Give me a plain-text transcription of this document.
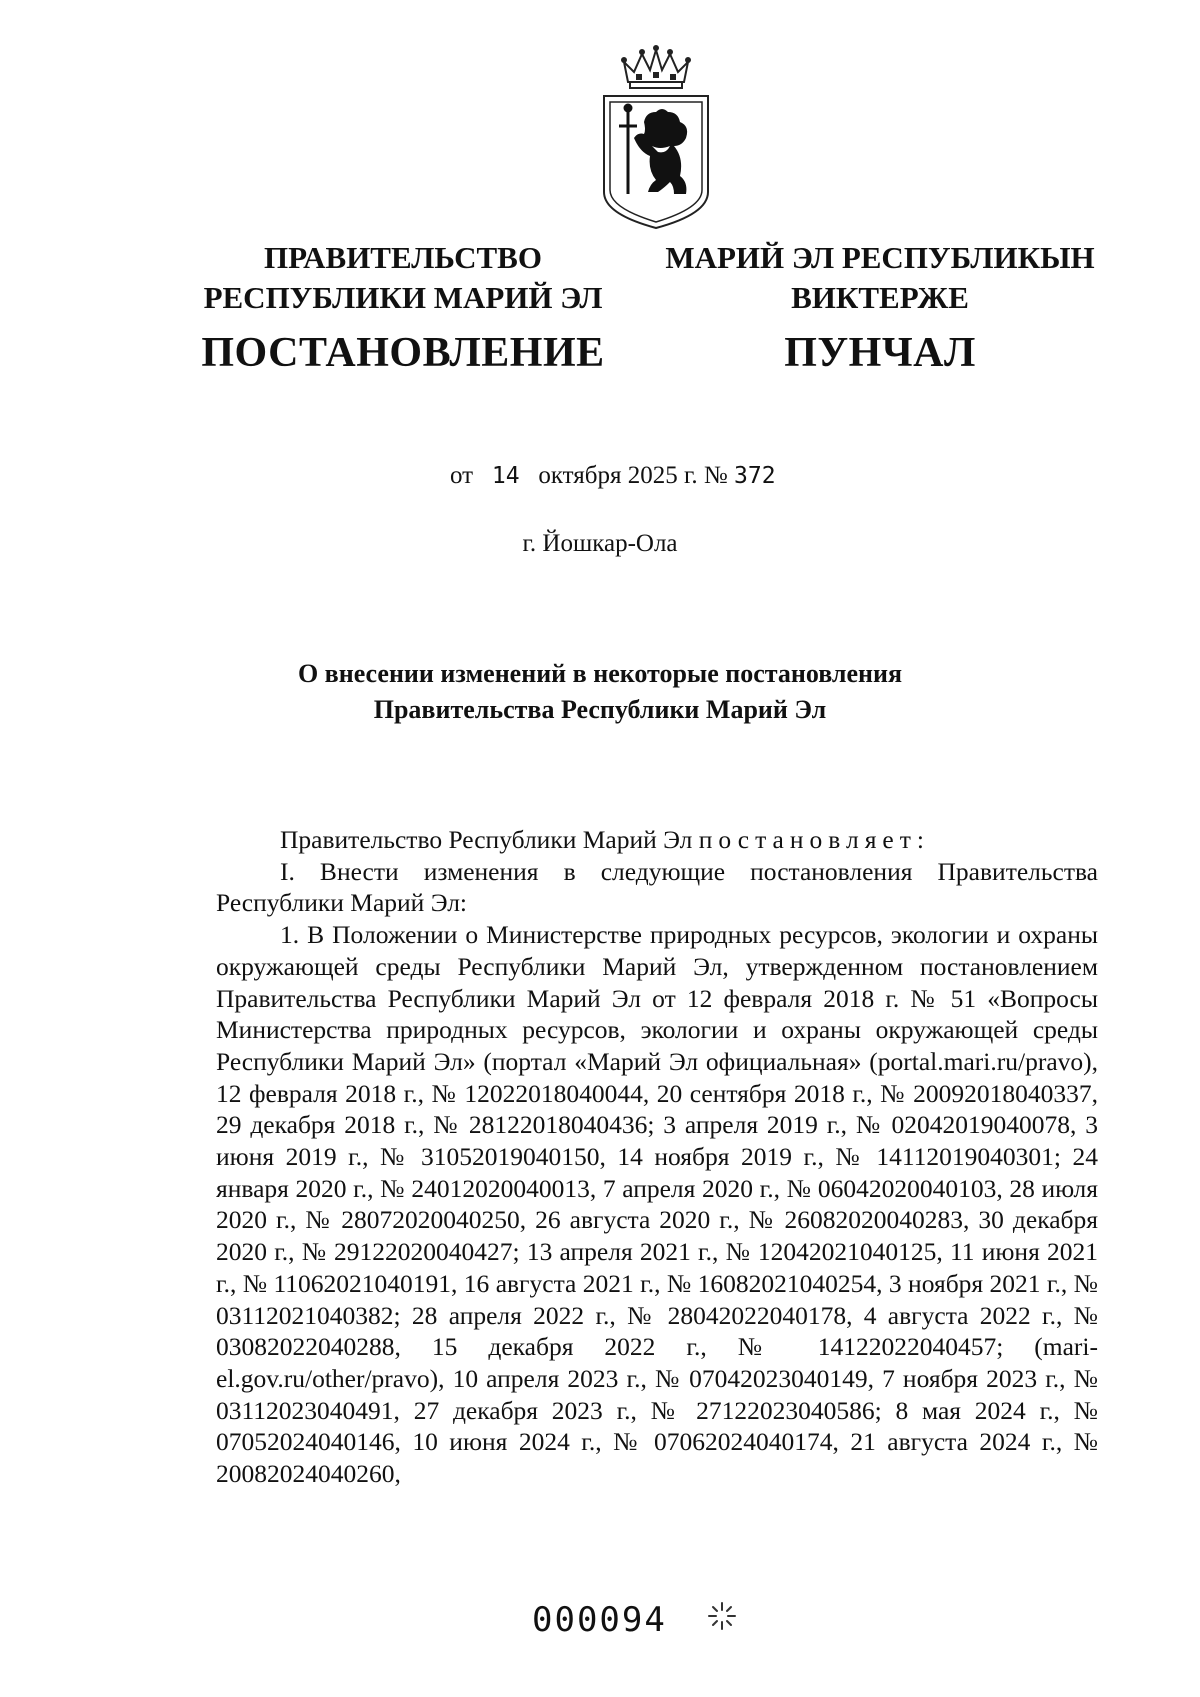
ПРАВИТЕЛЬСТВО
РЕСПУБЛИКИ МАРИЙ ЭЛ
ПОСТАНОВЛЕНИЕ
МАРИЙ ЭЛ РЕСПУБЛИКЫН
ВИКТЕРЖЕ
ПУНЧАЛ
от 14 октября 2025 г. № 372
г. Йошкар-Ола
О внесении изменений в некоторые постановления
Правительства Республики Марий Эл

Правительство Республики Марий Эл постановляет:

I. Внести изменения в следующие постановления Правительства Республики Марий Эл:

1. В Положении о Министерстве природных ресурсов, экологии и охраны окружающей среды Республики Марий Эл, утвержденном постановлением Правительства Республики Марий Эл от 12 февраля 2018 г. № 51 «Вопросы Министерства природных ресурсов, экологии и охраны окружающей среды Республики Марий Эл» (портал «Марий Эл официальная» (portal.mari.ru/pravo), 12 февраля 2018 г., № 12022018040044, 20 сентября 2018 г., № 20092018040337, 29 декабря 2018 г., № 28122018040436; 3 апреля 2019 г., № 02042019040078, 3 июня 2019 г., № 31052019040150, 14 ноября 2019 г., № 14112019040301; 24 января 2020 г., № 24012020040013, 7 апреля 2020 г., № 06042020040103, 28 июля 2020 г., № 28072020040250, 26 августа 2020 г., № 26082020040283, 30 декабря 2020 г., № 29122020040427; 13 апреля 2021 г., № 12042021040125, 11 июня 2021 г., № 11062021040191, 16 августа 2021 г., № 16082021040254, 3 ноября 2021 г., № 03112021040382; 28 апреля 2022 г., № 28042022040178, 4 августа 2022 г., № 03082022040288, 15 декабря 2022 г., № 14122022040457; (mari-el.gov.ru/other/pravo), 10 апреля 2023 г., № 07042023040149, 7 ноября 2023 г., № 03112023040491, 27 декабря 2023 г., № 27122023040586; 8 мая 2024 г., № 07052024040146, 10 июня 2024 г., № 07062024040174, 21 августа 2024 г., № 20082024040260,

000094
